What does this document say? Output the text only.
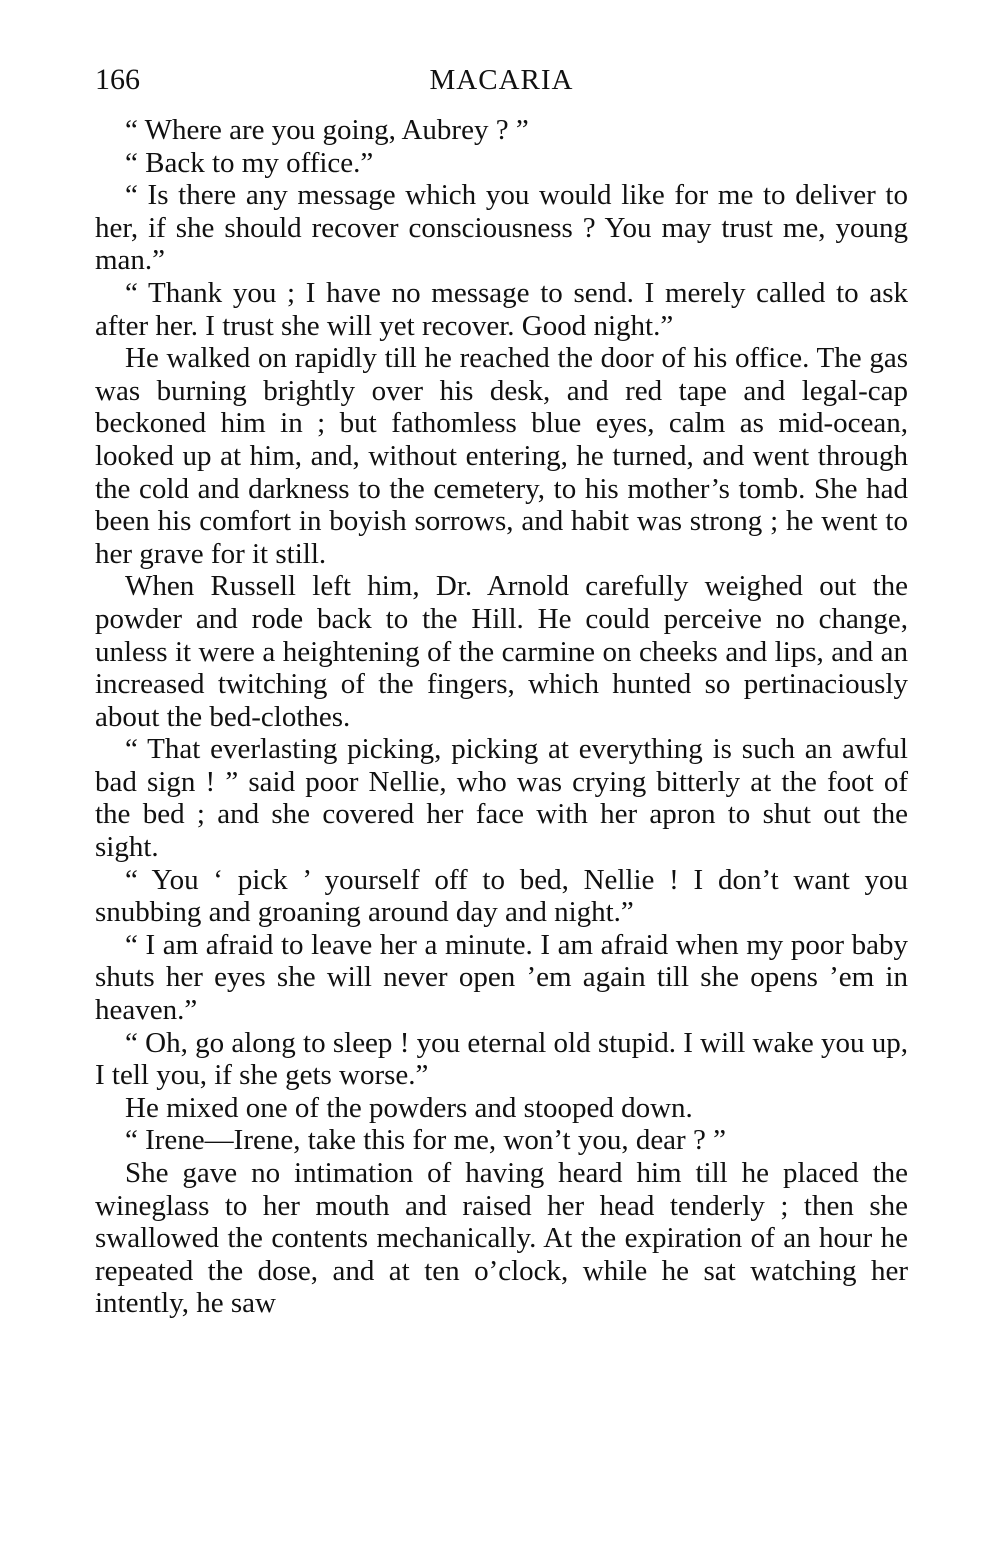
166	MACARIA

“ Where are you going, Aubrey ? ”

“ Back to my office.”

“ Is there any message which you would like for me to deliver to her, if she should recover consciousness ? You may trust me, young man.”

“ Thank you ; I have no message to send. I merely called to ask after her. I trust she will yet recover. Good night.”

He walked on rapidly till he reached the door of his office. The gas was burning brightly over his desk, and red tape and legal-cap beckoned him in ; but fathomless blue eyes, calm as mid-ocean, looked up at him, and, without entering, he turned, and went through the cold and darkness to the cemetery, to his mother’s tomb. She had been his comfort in boyish sorrows, and habit was strong ; he went to her grave for it still.

When Russell left him, Dr. Arnold carefully weighed out the powder and rode back to the Hill. He could perceive no change, unless it were a heightening of the carmine on cheeks and lips, and an increased twitching of the fingers, which hunted so pertinaciously about the bed-clothes.

“ That everlasting picking, picking at everything is such an awful bad sign ! ” said poor Nellie, who was crying bitterly at the foot of the bed ; and she covered her face with her apron to shut out the sight.

“ You ‘ pick ’ yourself off to bed, Nellie ! I don’t want you snubbing and groaning around day and night.”

“ I am afraid to leave her a minute. I am afraid when my poor baby shuts her eyes she will never open ’em again till she opens ’em in heaven.”

“ Oh, go along to sleep ! you eternal old stupid. I will wake you up, I tell you, if she gets worse.”

He mixed one of the powders and stooped down.

“ Irene—Irene, take this for me, won’t you, dear ? ”

She gave no intimation of having heard him till he placed the wineglass to her mouth and raised her head tenderly ; then she swallowed the contents mechanically. At the expiration of an hour he repeated the dose, and at ten o’clock, while he sat watching her intently, he saw
